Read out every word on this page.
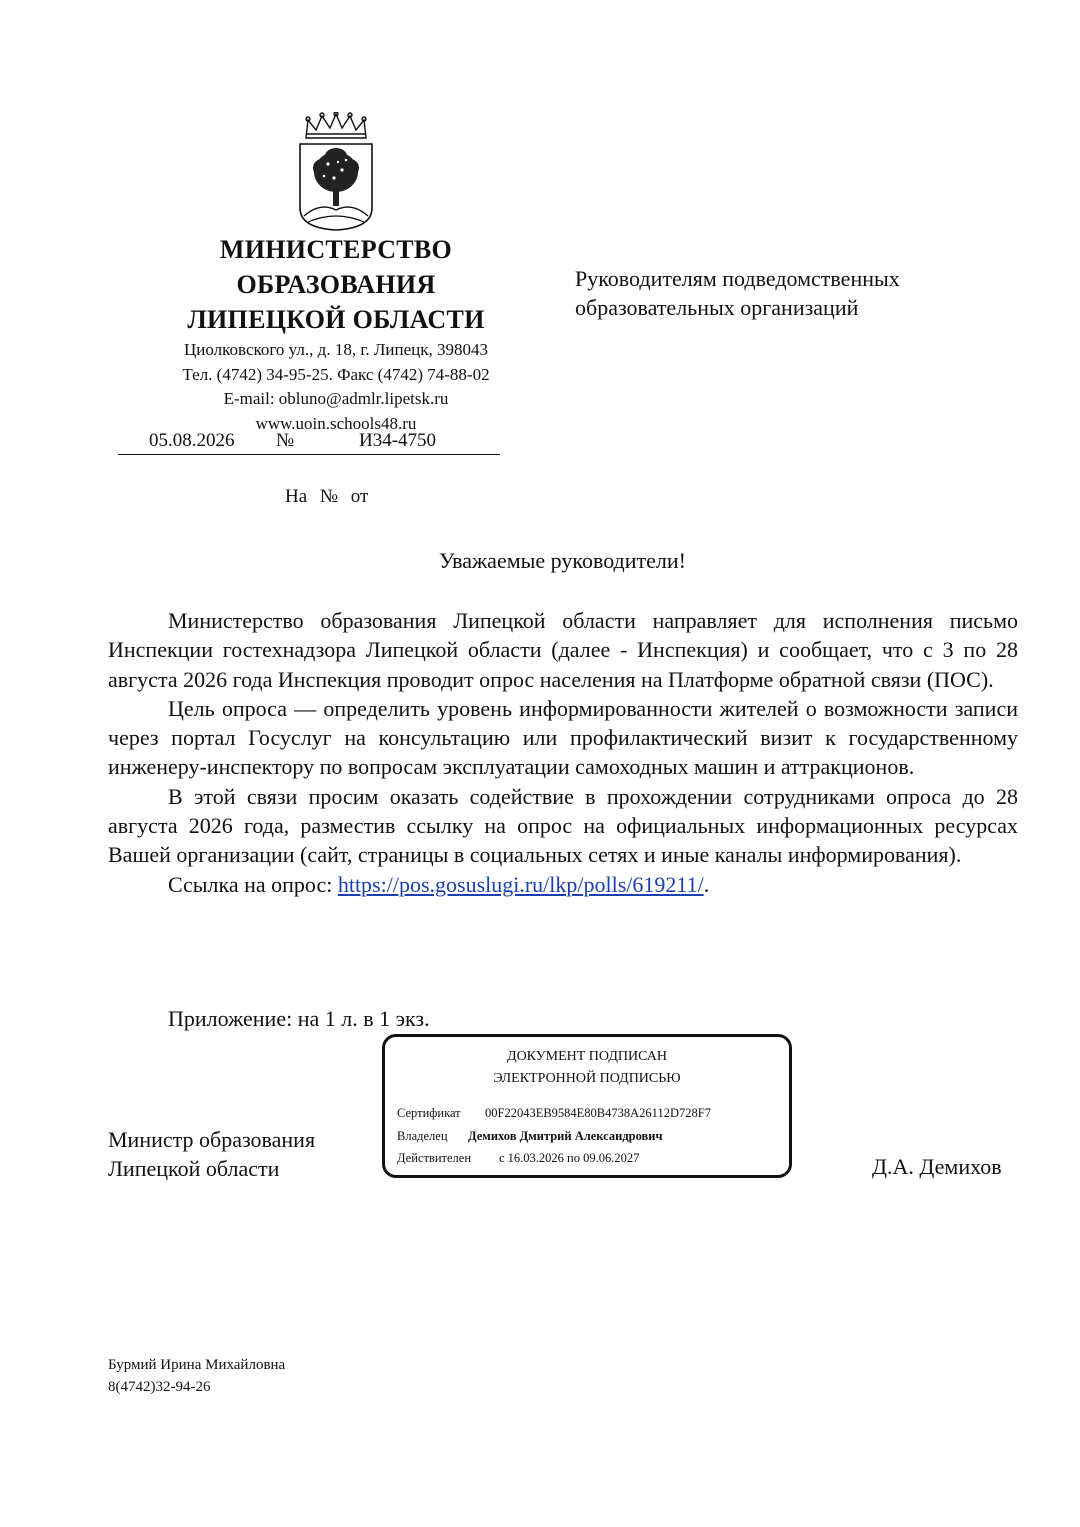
МИНИСТЕРСТВО
ОБРАЗОВАНИЯ
ЛИПЕЦКОЙ ОБЛАСТИ
Циолковского ул., д. 18, г. Липецк, 398043
Тел. (4742) 34-95-25. Факс (4742) 74-88-02
E-mail: obluno@admlr.lipetsk.ru
www.uoin.schools48.ru
05.08.2026 №	И34-4750
На № от
Руководителям подведомственных
образовательных организаций
Уважаемые руководители!

Министерство образования Липецкой области направляет для исполнения письмо Инспекции гостехнадзора Липецкой области (далее - Инспекция) и сообщает, что с 3 по 28 августа 2026 года Инспекция проводит опрос населения на Платформе обратной связи (ПОС).

Цель опроса — определить уровень информированности жителей о возможности записи через портал Госуслуг на консультацию или профилактический визит к государственному инженеру-инспектору по вопросам эксплуатации самоходных машин и аттракционов.

В этой связи просим оказать содействие в прохождении сотрудниками опроса до 28 августа 2026 года, разместив ссылку на опрос на официальных информационных ресурсах Вашей организации (сайт, страницы в социальных сетях и иные каналы информирования).

Ссылка на опрос: https://pos.gosuslugi.ru/lkp/polls/619211/.

Приложение: на 1 л. в 1 экз.
ДОКУМЕНТ ПОДПИСАН
ЭЛЕКТРОННОЙ ПОДПИСЬЮ
Сертификат 00F22043EB9584E80B4738A26112D728F7
Владелец Демихов Дмитрий Александрович
Действителен с 16.03.2026 по 09.06.2027
Министр образования
Липецкой области	Д.А. Демихов
Бурмий Ирина Михайловна
8(4742)32-94-26
